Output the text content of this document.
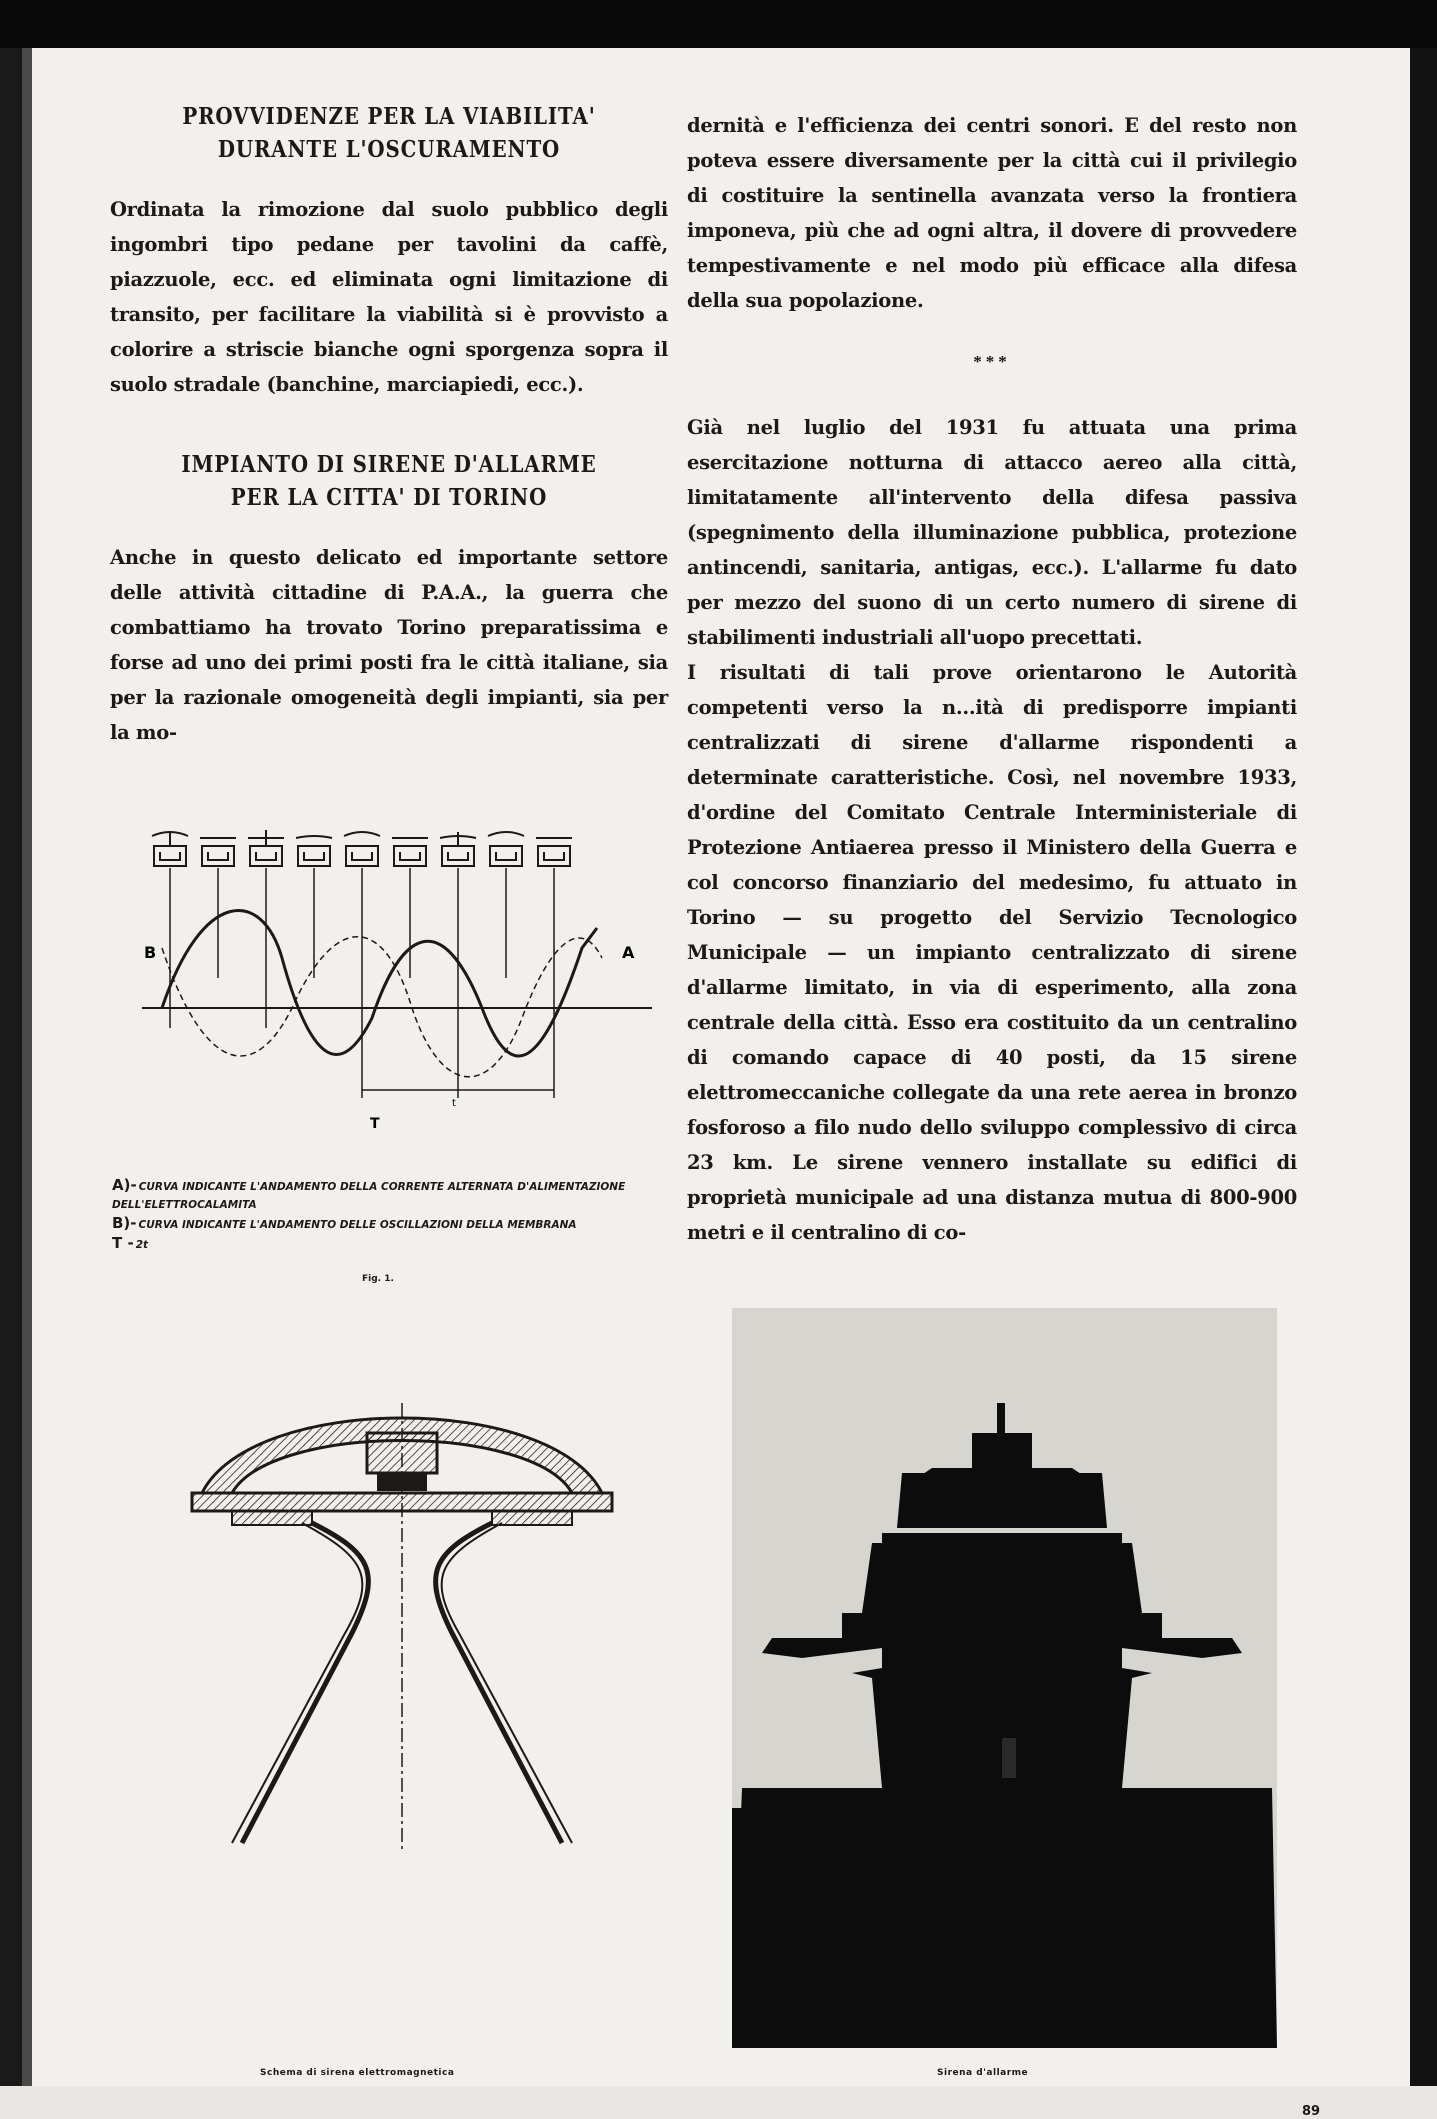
PROVVIDENZE PER LA VIABILITA'
DURANTE L'OSCURAMENTO

Ordinata la rimozione dal suolo pubblico degli ingombri tipo pedane per tavolini da caffè, piazzuole, ecc. ed eliminata ogni limitazione di transito, per facilitare la viabilità si è provvisto a colorire a striscie bianche ogni sporgenza sopra il suolo stradale (banchine, marciapiedi, ecc.).

IMPIANTO DI SIRENE D'ALLARME
PER LA CITTA' DI TORINO

Anche in questo delicato ed importante settore delle attività cittadine di P.A.A., la guerra che combattiamo ha trovato Torino preparatissima e forse ad uno dei primi posti fra le città italiane, sia per la razionale omogeneità degli impianti, sia per la mo-

dernità e l'efficienza dei centri sonori. E del resto non poteva essere diversamente per la città cui il privilegio di costituire la sentinella avanzata verso la frontiera imponeva, più che ad ogni altra, il dovere di provvedere tempestivamente e nel modo più efficace alla difesa della sua popolazione.

***

Già nel luglio del 1931 fu attuata una prima esercitazione notturna di attacco aereo alla città, limitatamente all'intervento della difesa passiva (spegnimento della illuminazione pubblica, protezione antincendi, sanitaria, antigas, ecc.). L'allarme fu dato per mezzo del suono di un certo numero di sirene di stabilimenti industriali all'uopo precettati.

I risultati di tali prove orientarono le Autorità competenti verso la n...ità di predisporre impianti centralizzati di sirene d'allarme rispondenti a determinate caratteristiche. Così, nel novembre 1933, d'ordine del Comitato Centrale Interministeriale di Protezione Antiaerea presso il Ministero della Guerra e col concorso finanziario del medesimo, fu attuato in Torino — su progetto del Servizio Tecnologico Municipale — un impianto centralizzato di sirene d'allarme limitato, in via di esperimento, alla zona centrale della città. Esso era costituito da un centralino di comando capace di 40 posti, da 15 sirene elettromeccaniche collegate da una rete aerea in bronzo fosforoso a filo nudo dello sviluppo complessivo di circa 23 km. Le sirene vennero installate su edifici di proprietà municipale ad una distanza mutua di 800-900 metri e il centralino di co-

B	A
T
t
A)- CURVA INDICANTE L'ANDAMENTO DELLA CORRENTE ALTERNATA D'ALIMENTAZIONE DELL'ELETTROCALAMITA
B)- CURVA INDICANTE L'ANDAMENTO DELLE OSCILLAZIONI DELLA MEMBRANA
T - 2t
Fig. 1.
Schema di sirena elettromagnetica	Sirena d'allarme
89
